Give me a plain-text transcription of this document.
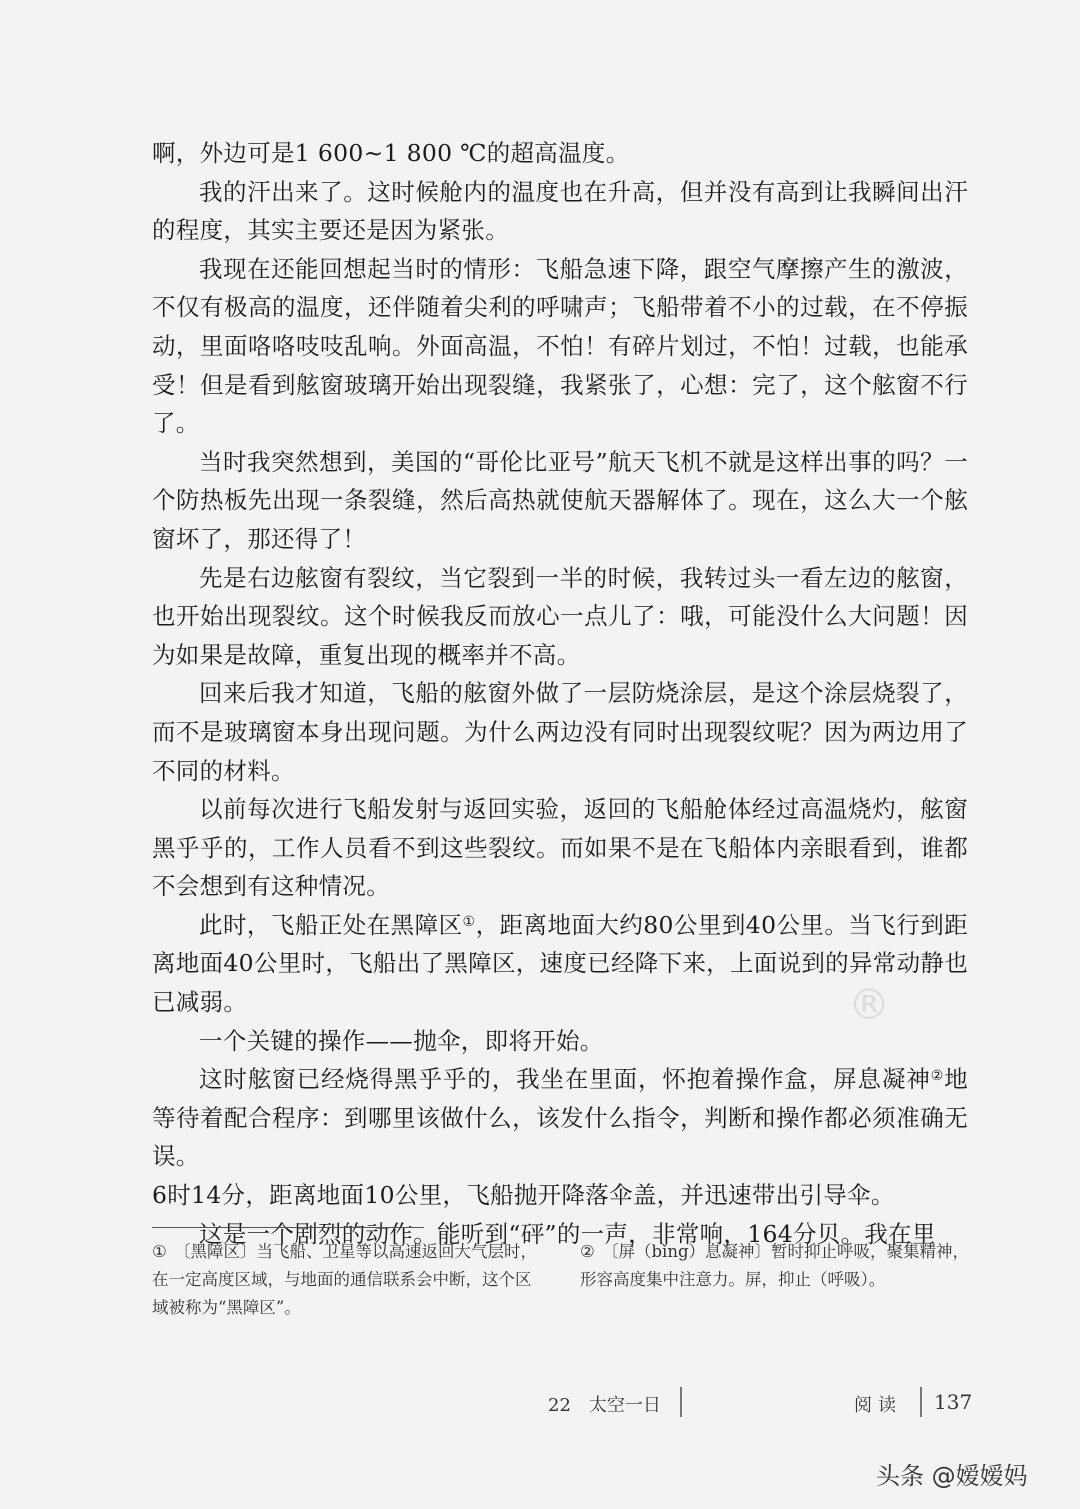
啊，外边可是1 600~1 800 ℃的超高温度。

我的汗出来了。这时候舱内的温度也在升高，但并没有高到让我瞬间出汗的程度，其实主要还是因为紧张。

我现在还能回想起当时的情形：飞船急速下降，跟空气摩擦产生的激波，不仅有极高的温度，还伴随着尖利的呼啸声；飞船带着不小的过载，在不停振动，里面咯咯吱吱乱响。外面高温，不怕！有碎片划过，不怕！过载，也能承受！但是看到舷窗玻璃开始出现裂缝，我紧张了，心想：完了，这个舷窗不行了。

当时我突然想到，美国的“哥伦比亚号”航天飞机不就是这样出事的吗？一个防热板先出现一条裂缝，然后高热就使航天器解体了。现在，这么大一个舷窗坏了，那还得了！

先是右边舷窗有裂纹，当它裂到一半的时候，我转过头一看左边的舷窗，也开始出现裂纹。这个时候我反而放心一点儿了：哦，可能没什么大问题！因为如果是故障，重复出现的概率并不高。

回来后我才知道，飞船的舷窗外做了一层防烧涂层，是这个涂层烧裂了，而不是玻璃窗本身出现问题。为什么两边没有同时出现裂纹呢？因为两边用了不同的材料。

以前每次进行飞船发射与返回实验，返回的飞船舱体经过高温烧灼，舷窗黑乎乎的，工作人员看不到这些裂纹。而如果不是在飞船体内亲眼看到，谁都不会想到有这种情况。

此时，飞船正处在黑障区①，距离地面大约80公里到40公里。当飞行到距离地面40公里时，飞船出了黑障区，速度已经降下来，上面说到的异常动静也已减弱。

一个关键的操作——抛伞，即将开始。

这时舷窗已经烧得黑乎乎的，我坐在里面，怀抱着操作盒，屏息凝神②地等待着配合程序：到哪里该做什么，该发什么指令，判断和操作都必须准确无误。

6时14分，距离地面10公里，飞船抛开降落伞盖，并迅速带出引导伞。

这是一个剧烈的动作。能听到“砰”的一声，非常响，164分贝。我在里

®
① 〔黑障区〕当飞船、卫星等以高速返回大气层时，在一定高度区域，与地面的通信联系会中断，这个区域被称为“黑障区”。
② 〔屏（bǐng）息凝神〕暂时抑止呼吸，聚集精神，形容高度集中注意力。屏，抑止（呼吸）。
22　太空一日	阅读 137
头条 @嫒嫒妈
